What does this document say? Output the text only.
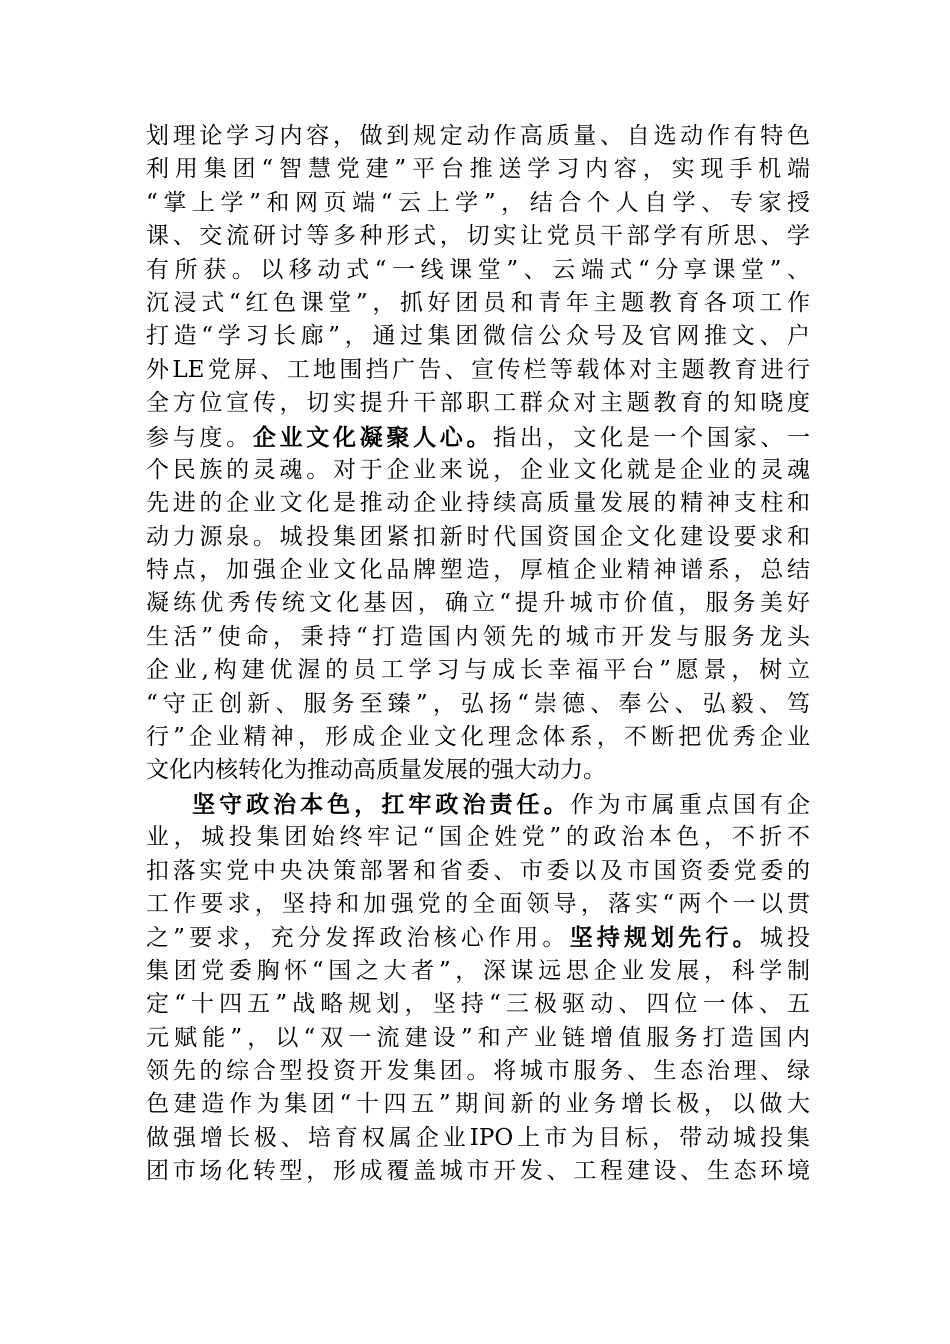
划理论学习内容，做到规定动作高质量、自选动作有特色
利用集团“智慧党建”平台推送学习内容，实现手机端
“掌上学”和网页端“云上学”，结合个人自学、专家授
课、交流研讨等多种形式，切实让党员干部学有所思、学
有所获。以移动式“一线课堂”、云端式“分享课堂”、
沉浸式“红色课堂”，抓好团员和青年主题教育各项工作
打造“学习长廊”，通过集团微信公众号及官网推文、户
外LE党屏、工地围挡广告、宣传栏等载体对主题教育进行
全方位宣传，切实提升干部职工群众对主题教育的知晓度
参与度。企业文化凝聚人心。指出，文化是一个国家、一
个民族的灵魂。对于企业来说，企业文化就是企业的灵魂
先进的企业文化是推动企业持续高质量发展的精神支柱和
动力源泉。城投集团紧扣新时代国资国企文化建设要求和
特点，加强企业文化品牌塑造，厚植企业精神谱系，总结
凝练优秀传统文化基因，确立“提升城市价值，服务美好
生活”使命，秉持“打造国内领先的城市开发与服务龙头
企业,构建优渥的员工学习与成长幸福平台”愿景，树立
“守正创新、服务至臻”，弘扬“崇德、奉公、弘毅、笃
行”企业精神，形成企业文化理念体系，不断把优秀企业
文化内核转化为推动高质量发展的强大动力。
坚守政治本色，扛牢政治责任。作为市属重点国有企
业，城投集团始终牢记“国企姓党”的政治本色，不折不
扣落实党中央决策部署和省委、市委以及市国资委党委的
工作要求，坚持和加强党的全面领导，落实“两个一以贯
之”要求，充分发挥政治核心作用。坚持规划先行。城投
集团党委胸怀“国之大者”，深谋远思企业发展，科学制
定“十四五”战略规划，坚持“三极驱动、四位一体、五
元赋能”，以“双一流建设”和产业链增值服务打造国内
领先的综合型投资开发集团。将城市服务、生态治理、绿
色建造作为集团“十四五”期间新的业务增长极，以做大
做强增长极、培育权属企业IPO上市为目标，带动城投集
团市场化转型，形成覆盖城市开发、工程建设、生态环境
